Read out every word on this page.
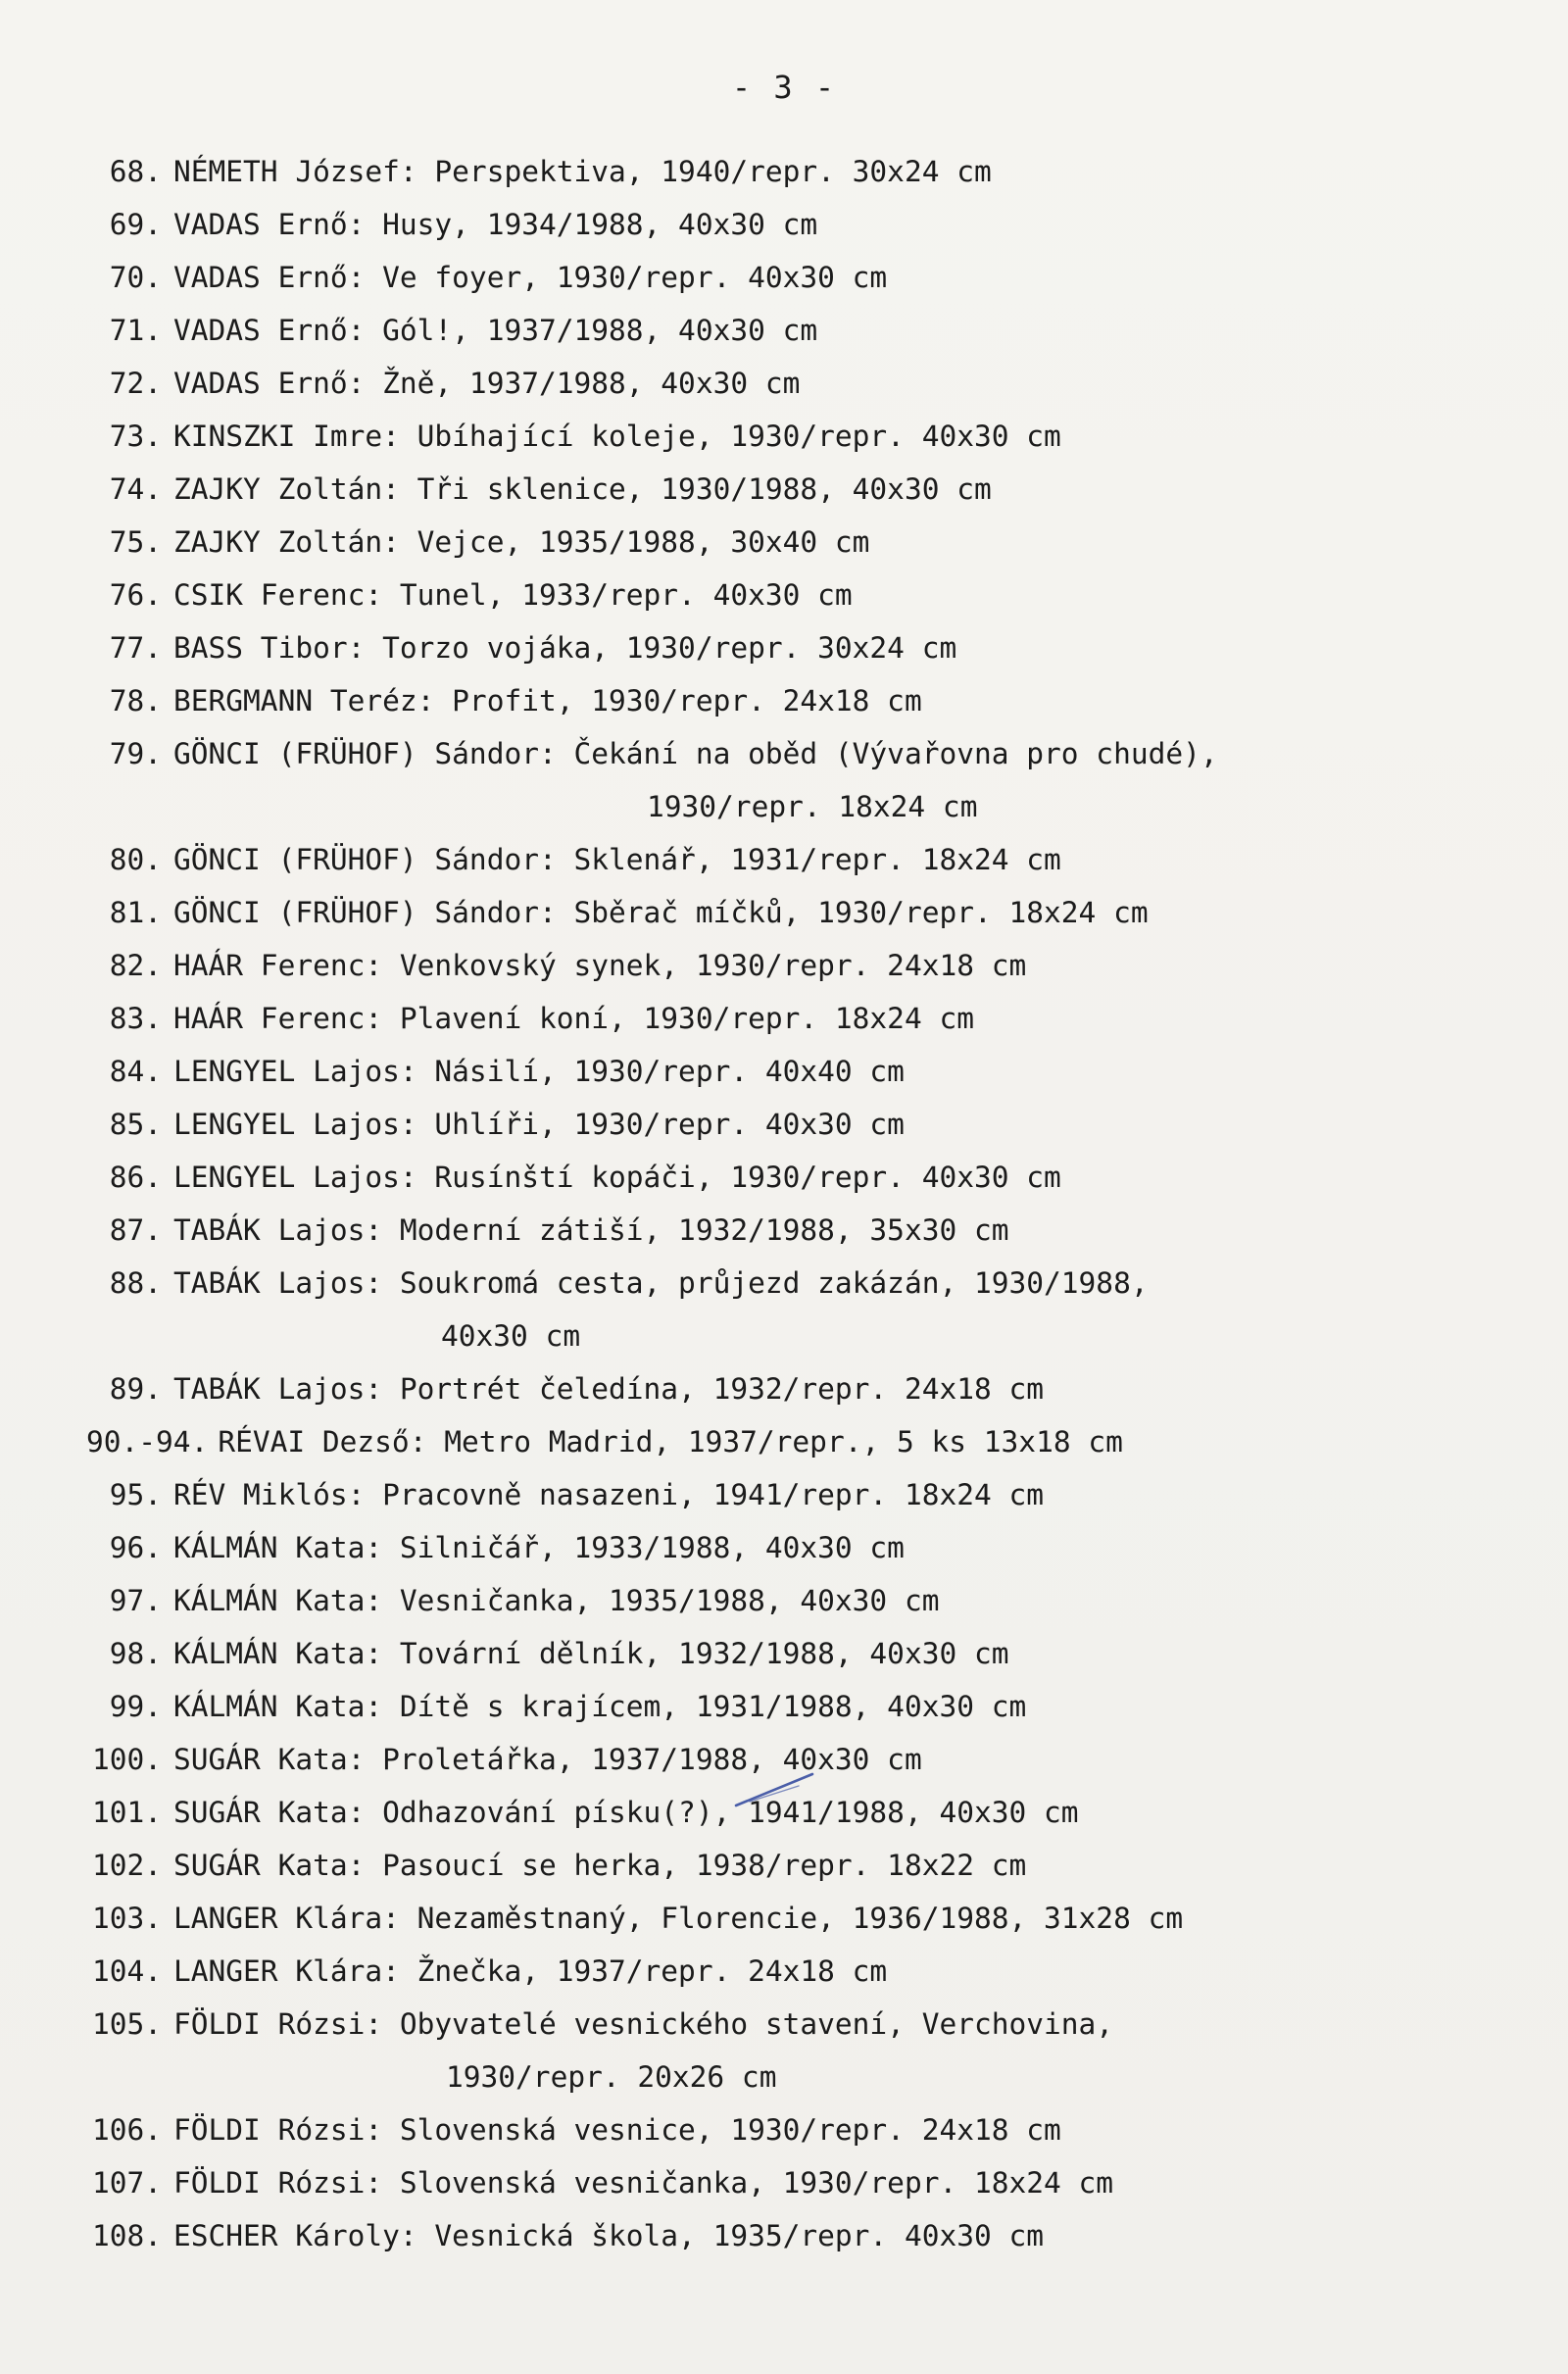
- 3 -
68. NÉMETH József: Perspektiva, 1940/repr. 30x24 cm
69. VADAS Ernő: Husy, 1934/1988, 40x30 cm
70. VADAS Ernő: Ve foyer, 1930/repr. 40x30 cm
71. VADAS Ernő: Gól!, 1937/1988, 40x30 cm
72. VADAS Ernő: Žně, 1937/1988, 40x30 cm
73. KINSZKI Imre: Ubíhající koleje, 1930/repr. 40x30 cm
74. ZAJKY Zoltán: Tři sklenice, 1930/1988, 40x30 cm
75. ZAJKY Zoltán: Vejce, 1935/1988, 30x40 cm
76. CSIK Ferenc: Tunel, 1933/repr. 40x30 cm
77. BASS Tibor: Torzo vojáka, 1930/repr. 30x24 cm
78. BERGMANN Teréz: Profit, 1930/repr. 24x18 cm
79. GÖNCI (FRÜHOF) Sándor: Čekání na oběd (Vývařovna pro chudé),
1930/repr. 18x24 cm
80. GÖNCI (FRÜHOF) Sándor: Sklenář, 1931/repr. 18x24 cm
81. GÖNCI (FRÜHOF) Sándor: Sběrač míčků, 1930/repr. 18x24 cm
82. HAÁR Ferenc: Venkovský synek, 1930/repr. 24x18 cm
83. HAÁR Ferenc: Plavení koní, 1930/repr. 18x24 cm
84. LENGYEL Lajos: Násilí, 1930/repr. 40x40 cm
85. LENGYEL Lajos: Uhlíři, 1930/repr. 40x30 cm
86. LENGYEL Lajos: Rusínští kopáči, 1930/repr. 40x30 cm
87. TABÁK Lajos: Moderní zátiší, 1932/1988, 35x30 cm
88. TABÁK Lajos: Soukromá cesta, průjezd zakázán, 1930/1988,
40x30 cm
89. TABÁK Lajos: Portrét čeledína, 1932/repr. 24x18 cm
90.-94. RÉVAI Dezső: Metro Madrid, 1937/repr., 5 ks 13x18 cm
95. RÉV Miklós: Pracovně nasazeni, 1941/repr. 18x24 cm
96. KÁLMÁN Kata: Silničář, 1933/1988, 40x30 cm
97. KÁLMÁN Kata: Vesničanka, 1935/1988, 40x30 cm
98. KÁLMÁN Kata: Tovární dělník, 1932/1988, 40x30 cm
99. KÁLMÁN Kata: Dítě s krajícem, 1931/1988, 40x30 cm
100. SUGÁR Kata: Proletářka, 1937/1988, 40x30 cm
101. SUGÁR Kata: Odhazování písku(?), 1941/1988, 40x30 cm
102. SUGÁR Kata: Pasoucí se herka, 1938/repr. 18x22 cm
103. LANGER Klára: Nezaměstnaný, Florencie, 1936/1988, 31x28 cm
104. LANGER Klára: Žnečka, 1937/repr. 24x18 cm
105. FÖLDI Rózsi: Obyvatelé vesnického stavení, Verchovina,
1930/repr. 20x26 cm
106. FÖLDI Rózsi: Slovenská vesnice, 1930/repr. 24x18 cm
107. FÖLDI Rózsi: Slovenská vesničanka, 1930/repr. 18x24 cm
108. ESCHER Károly: Vesnická škola, 1935/repr. 40x30 cm
